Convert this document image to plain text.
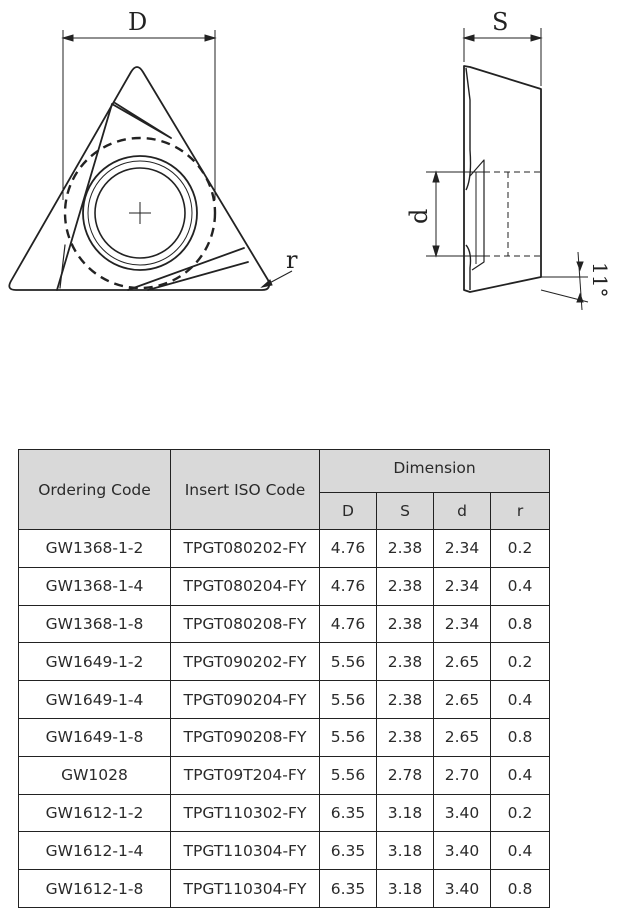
D
r
S
d
11°
Ordering Code	Insert ISO Code	Dimension			
		D	S	d	r
GW1368-1-2	TPGT080202-FY	4.76	2.38	2.34	0.2
GW1368-1-4	TPGT080204-FY	4.76	2.38	2.34	0.4
GW1368-1-8	TPGT080208-FY	4.76	2.38	2.34	0.8
GW1649-1-2	TPGT090202-FY	5.56	2.38	2.65	0.2
GW1649-1-4	TPGT090204-FY	5.56	2.38	2.65	0.4
GW1649-1-8	TPGT090208-FY	5.56	2.38	2.65	0.8
GW1028	TPGT09T204-FY	5.56	2.78	2.70	0.4
GW1612-1-2	TPGT110302-FY	6.35	3.18	3.40	0.2
GW1612-1-4	TPGT110304-FY	6.35	3.18	3.40	0.4
GW1612-1-8	TPGT110304-FY	6.35	3.18	3.40	0.8
